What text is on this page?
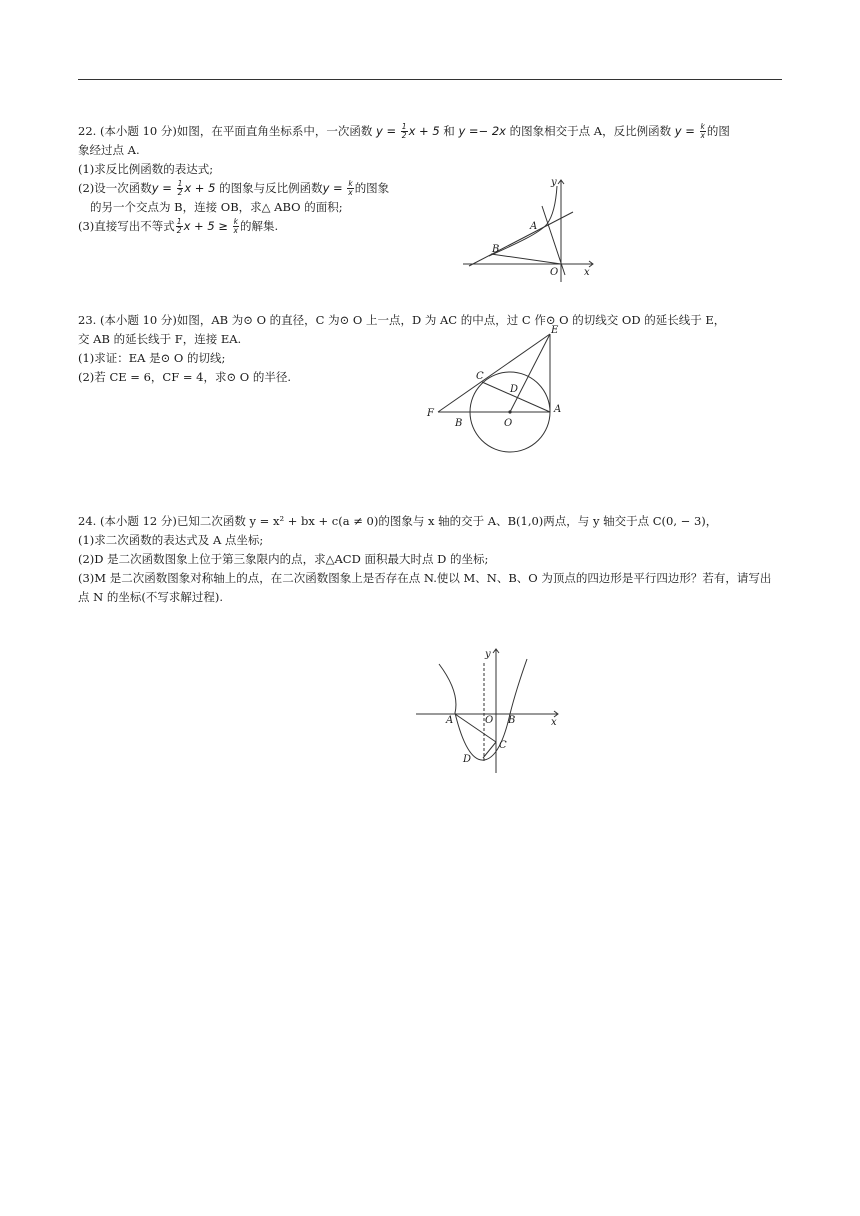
22. (本小题 10 分)如图，在平面直角坐标系中，一次函数 $y = \frac{1}{2}$ x + 5 和 y =− 2x 的图象相交于点 A，反比例函数 $y = \frac{k}{x}$ 的图
象经过点 A.
(1)求反比例函数的表达式;
(2)设一次函数$y = \frac{1}{2}$ x + 5 的图象与反比例函数$y = \frac{k}{x}$ 的图象
的另一个交点为 B，连接 OB，求△ ABO 的面积;
(3)直接写出不等式 $\frac{1}{2}$ $x + 5 \ge \frac{k}{x}$ 的解集.
y
A
B
O	x
23. (本小题 10 分)如图，AB 为⊙ O 的直径，C 为⊙ O 上一点，D 为 AC 的中点，过 C 作⊙ O 的切线交 OD 的延长线于 E，
交 AB 的延长线于 F，连接 EA.
(1)求证：EA 是⊙ O 的切线;
(2)若 CE = 6，CF = 4，求⊙ O 的半径.
E
C
D
F
B	O
A
24. (本小题 12 分)已知二次函数 y = x² + bx + c(a ≠ 0)的图象与 x 轴的交于 A、B(1,0)两点，与 y 轴交于点 C(0, − 3)，
(1)求二次函数的表达式及 A 点坐标;
(2)D 是二次函数图象上位于第三象限内的点，求△ACD 面积最大时点 D 的坐标;
(3)M 是二次函数图象对称轴上的点，在二次函数图象上是否存在点 N.使以 M、N、B、O 为顶点的四边形是平行四边形？若有，请写出点 N 的坐标(不写求解过程).
y
A	O B	x
C
D
